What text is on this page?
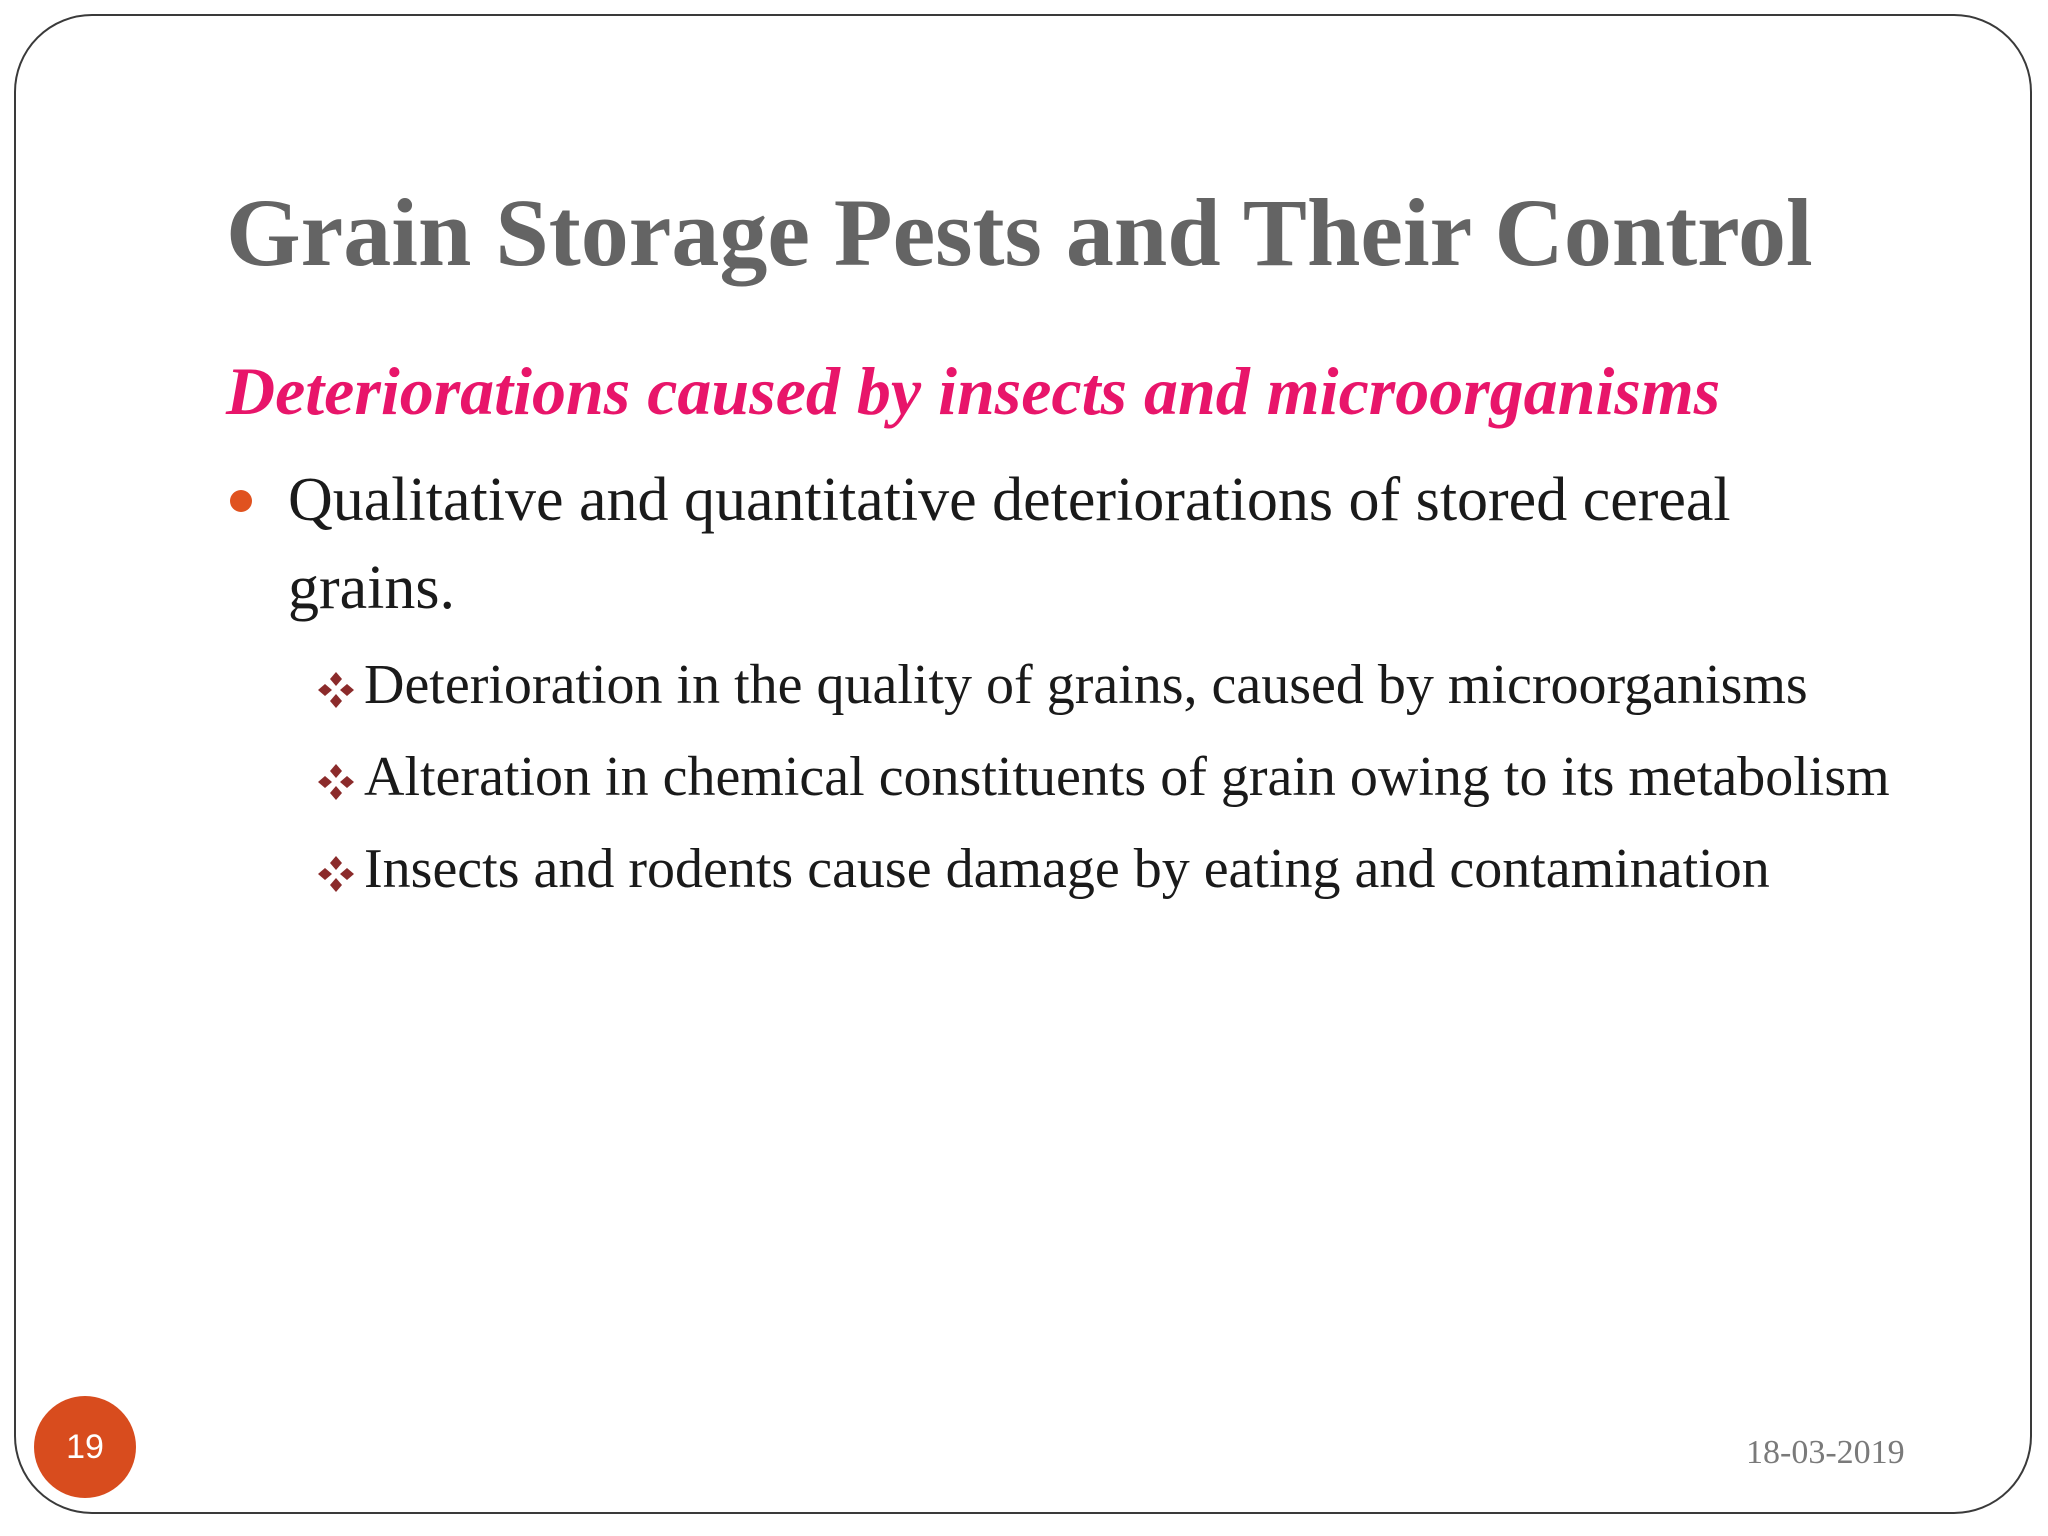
Grain Storage Pests and Their Control
Deteriorations caused by insects and microorganisms
Qualitative and quantitative deteriorations of stored cereal grains.
Deterioration in the quality of grains, caused by microorganisms
Alteration in chemical constituents of grain owing to its metabolism
Insects and rodents cause damage by eating and contamination
19	18-03-2019
